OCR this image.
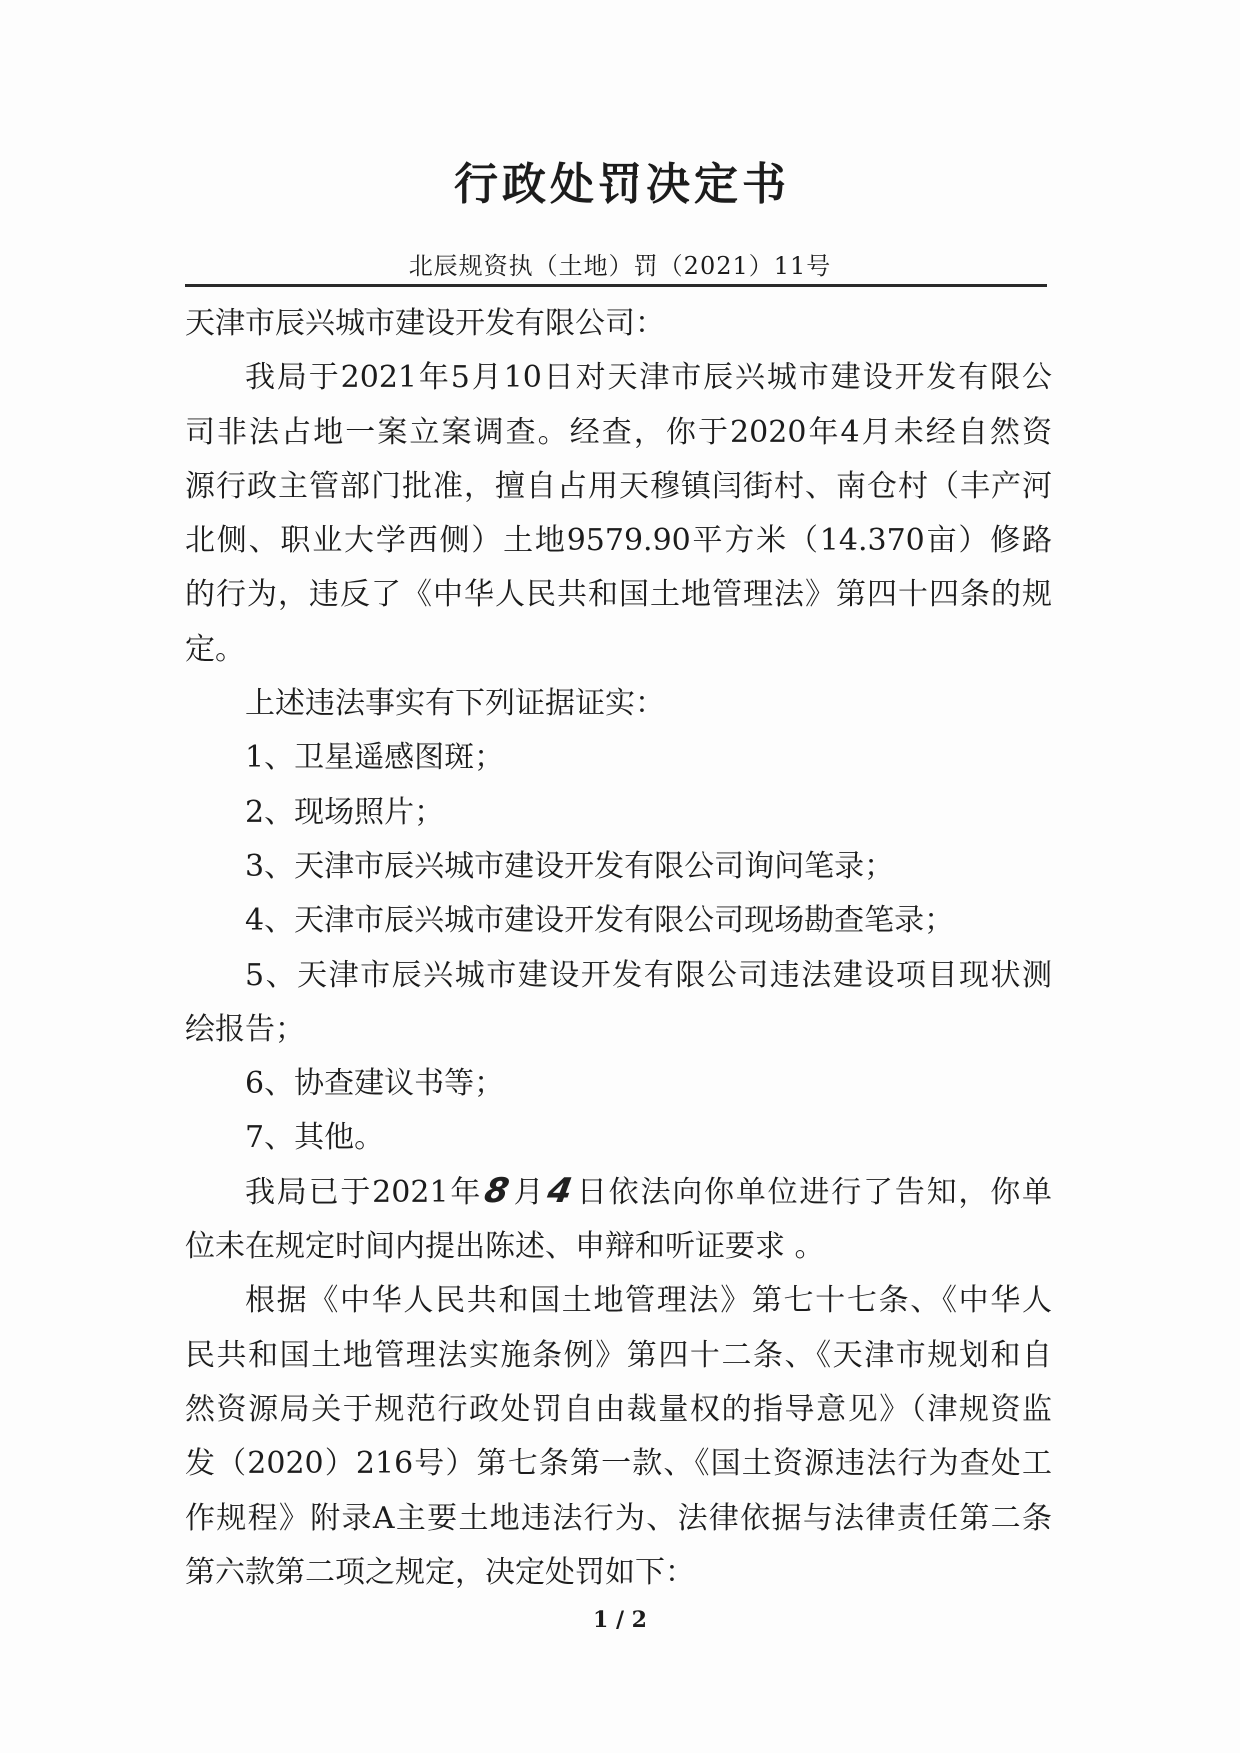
行政处罚决定书
北辰规资执（土地）罚（2021）11号
天津市辰兴城市建设开发有限公司：
我局于2021年5月10日对天津市辰兴城市建设开发有限公
司非法占地一案立案调查。经查，你于2020年4月未经自然资
源行政主管部门批准，擅自占用天穆镇闫街村、南仓村（丰产河
北侧、职业大学西侧）土地9579.90平方米（14.370亩）修路
的行为，违反了《中华人民共和国土地管理法》第四十四条的规
定。
上述违法事实有下列证据证实：
1、卫星遥感图斑；
2、现场照片；
3、天津市辰兴城市建设开发有限公司询问笔录；
4、天津市辰兴城市建设开发有限公司现场勘查笔录；
5、天津市辰兴城市建设开发有限公司违法建设项目现状测
绘报告；
6、协查建议书等；
7、其他。
我局已于2021年8月4日依法向你单位进行了告知，你单
位未在规定时间内提出陈述、申辩和听证要求 。
根据《中华人民共和国土地管理法》第七十七条、《中华人
民共和国土地管理法实施条例》第四十二条、《天津市规划和自
然资源局关于规范行政处罚自由裁量权的指导意见》（津规资监
发（2020）216号）第七条第一款、《国土资源违法行为查处工
作规程》附录A主要土地违法行为、法律依据与法律责任第二条
第六款第二项之规定，决定处罚如下：
1 / 2
